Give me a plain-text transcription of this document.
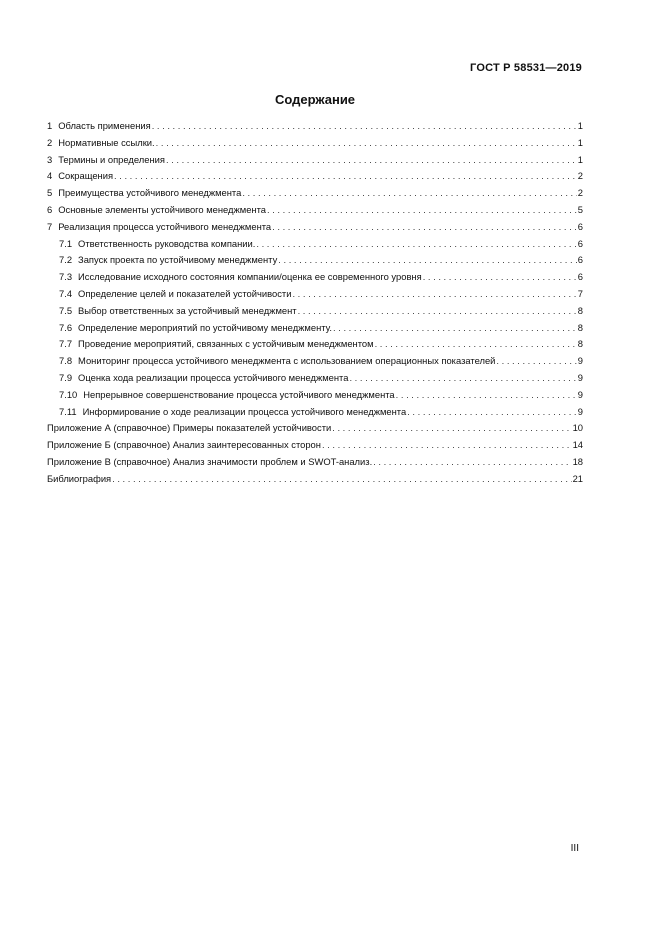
ГОСТ Р 58531—2019
Содержание
1 Область применения . . .	1
2 Нормативные ссылки. . . .	1
3 Термины и определения . . .	1
4 Сокращения . . .	2
5 Преимущества устойчивого менеджмента . . .	2
6 Основные элементы устойчивого менеджмента . . .	5
7 Реализация процесса устойчивого менеджмента . . .	6
7.1 Ответственность руководства компании. . . .	6
7.2 Запуск проекта по устойчивому менеджменту . . .	6
7.3 Исследование исходного состояния компании/оценка ее современного уровня . . .	6
7.4 Определение целей и показателей устойчивости . . .	7
7.5 Выбор ответственных за устойчивый менеджмент . . .	8
7.6 Определение мероприятий по устойчивому менеджменту. . . .	8
7.7 Проведение мероприятий, связанных с устойчивым менеджментом . . .	8
7.8 Мониторинг процесса устойчивого менеджмента с использованием операционных показателей . . .	9
7.9 Оценка хода реализации процесса устойчивого менеджмента . . .	9
7.10 Непрерывное совершенствование процесса устойчивого менеджмента . . .	9
7.11 Информирование о ходе реализации процесса устойчивого менеджмента . . .	9
Приложение А (справочное) Примеры показателей устойчивости . . .	10
Приложение Б (справочное) Анализ заинтересованных сторон . . .	14
Приложение В (справочное) Анализ значимости проблем и SWOT-анализ. . . .	18
Библиография . . .	21
III
